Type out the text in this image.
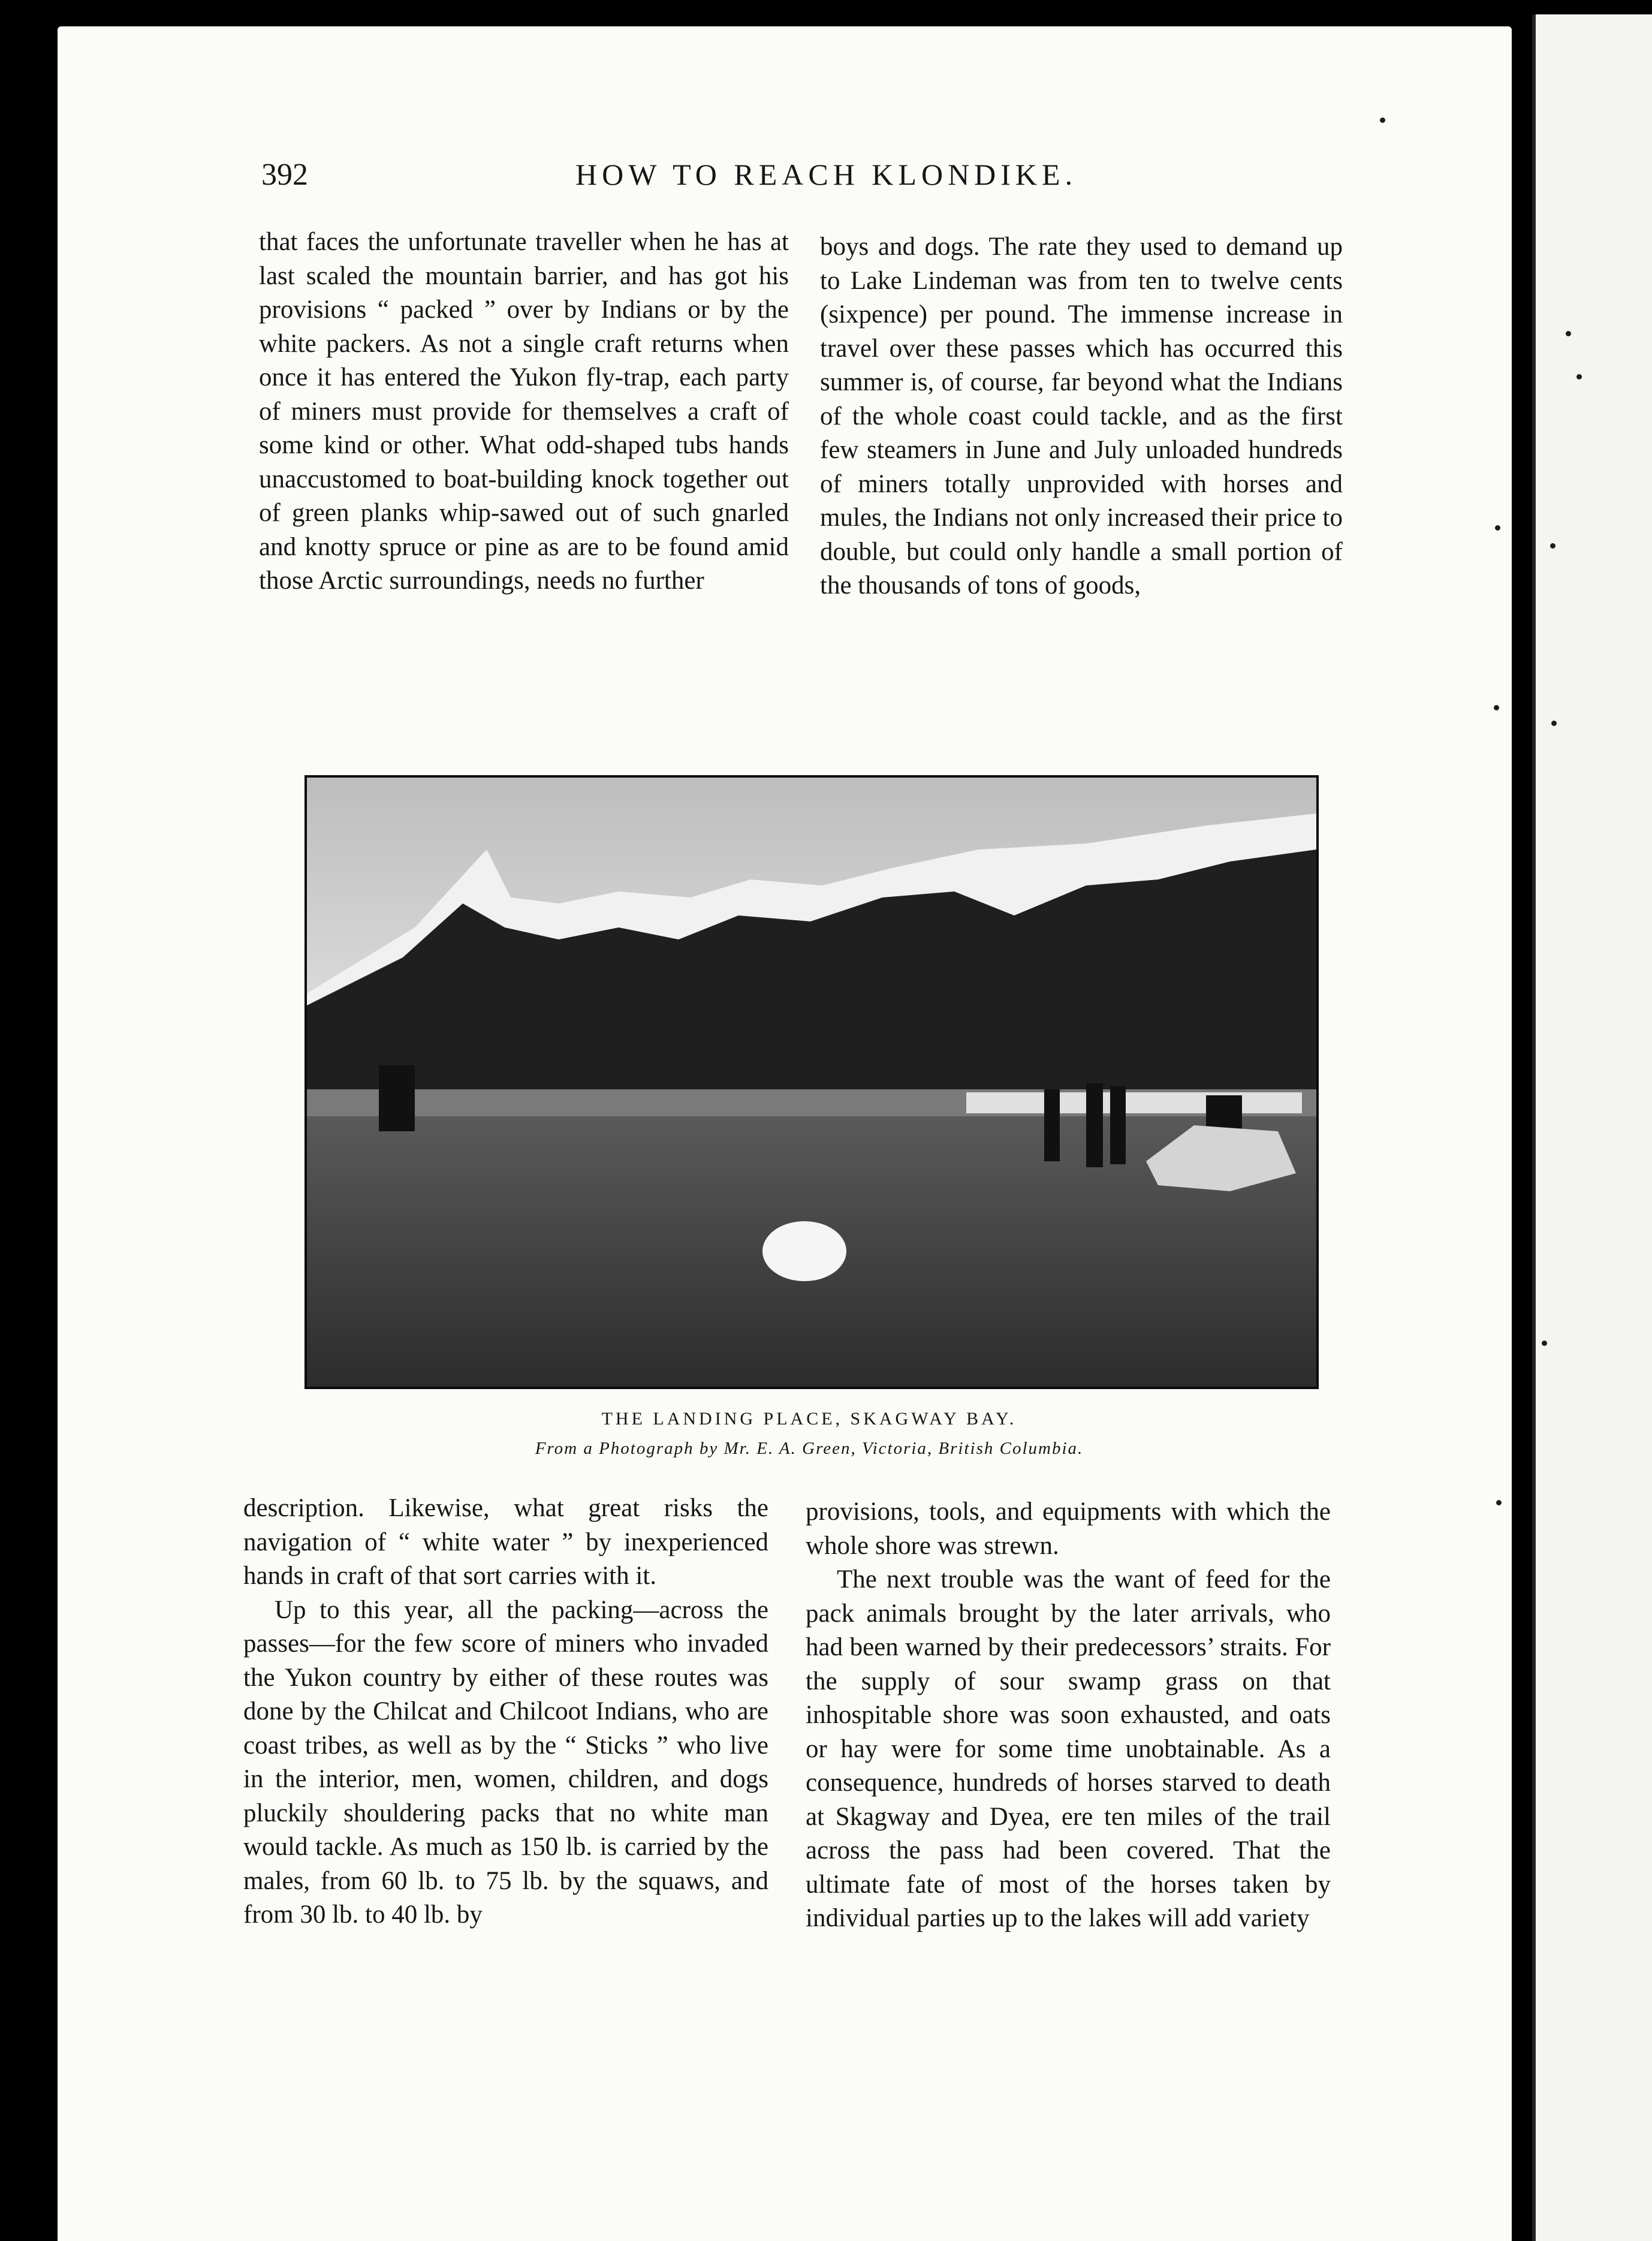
392	HOW TO REACH KLONDIKE.

that faces the unfortunate traveller when he has at last scaled the mountain barrier, and has got his provisions “ packed ” over by Indians or by the white packers. As not a single craft returns when once it has entered the Yukon fly-trap, each party of miners must provide for themselves a craft of some kind or other. What odd-shaped tubs hands unaccustomed to boat-building knock together out of green planks whip-sawed out of such gnarled and knotty spruce or pine as are to be found amid those Arctic surroundings, needs no further

boys and dogs. The rate they used to demand up to Lake Lindeman was from ten to twelve cents (sixpence) per pound. The immense increase in travel over these passes which has occurred this summer is, of course, far beyond what the Indians of the whole coast could tackle, and as the first few steamers in June and July unloaded hundreds of miners totally unprovided with horses and mules, the Indians not only increased their price to double, but could only handle a small portion of the thousands of tons of goods,

THE LANDING PLACE, SKAGWAY BAY.
From a Photograph by Mr. E. A. Green, Victoria, British Columbia.

description. Likewise, what great risks the navigation of “ white water ” by inexperienced hands in craft of that sort carries with it.

Up to this year, all the packing—across the passes—for the few score of miners who invaded the Yukon country by either of these routes was done by the Chilcat and Chilcoot Indians, who are coast tribes, as well as by the “ Sticks ” who live in the interior, men, women, children, and dogs pluckily shouldering packs that no white man would tackle. As much as 150 lb. is carried by the males, from 60 lb. to 75 lb. by the squaws, and from 30 lb. to 40 lb. by

provisions, tools, and equipments with which the whole shore was strewn.

The next trouble was the want of feed for the pack animals brought by the later arrivals, who had been warned by their predecessors’ straits. For the supply of sour swamp grass on that inhospitable shore was soon exhausted, and oats or hay were for some time unobtainable. As a consequence, hundreds of horses starved to death at Skagway and Dyea, ere ten miles of the trail across the pass had been covered. That the ultimate fate of most of the horses taken by individual parties up to the lakes will add variety
